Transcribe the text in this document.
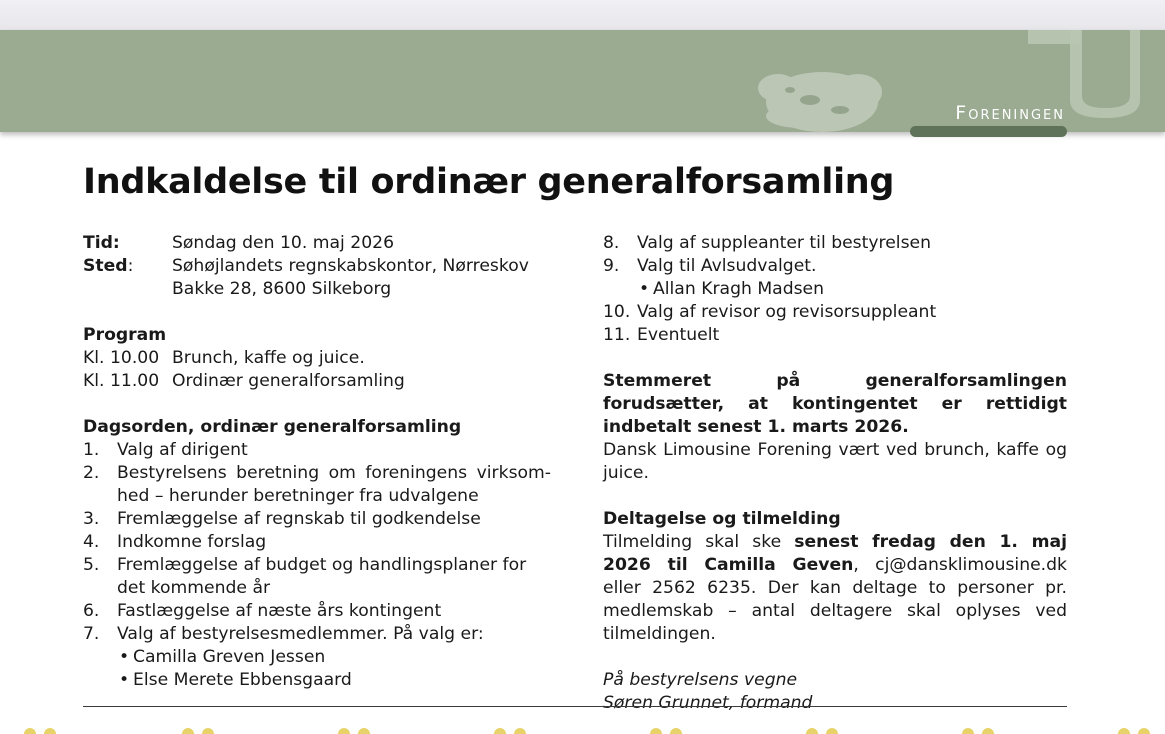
Foreningen
Indkaldelse til ordinær generalforsamling
Tid:	Søndag den 10. maj 2026
Sted:	Søhøjlandets regnskabskontor, Nørreskov
Bakke 28, 8600 Silkeborg
Program
Kl. 10.00 Brunch, kaffe og juice.
Kl. 11.00 Ordinær generalforsamling
Dagsorden, ordinær generalforsamling
1.	Valg af dirigent
2.	Bestyrelsens beretning om foreningens virksom-hed – herunder beretninger fra udvalgene
3.	Fremlæggelse af regnskab til godkendelse
4.	Indkomne forslag
5.	Fremlæggelse af budget og handlingsplaner for det kommende år
6.	Fastlæggelse af næste års kontingent
7.	Valg af bestyrelsesmedlemmer. På valg er:
• Camilla Greven Jessen
• Else Merete Ebbensgaard
8.	Valg af suppleanter til bestyrelsen
9.	Valg til Avlsudvalget.
• Allan Kragh Madsen
10. Valg af revisor og revisorsuppleant
11. Eventuelt
Stemmeret på generalforsamlingen forudsætter, at kontingentet er rettidigt indbetalt senest 1. marts 2026.
Dansk Limousine Forening vært ved brunch, kaffe og juice.
Deltagelse og tilmelding
Tilmelding skal ske senest fredag den 1. maj 2026 til Camilla Geven, cj@dansklimousine.dk eller 2562 6235. Der kan deltage to personer pr. medlemskab – antal deltagere skal oplyses ved tilmeldingen.
På bestyrelsens vegne
Søren Grunnet, formand
